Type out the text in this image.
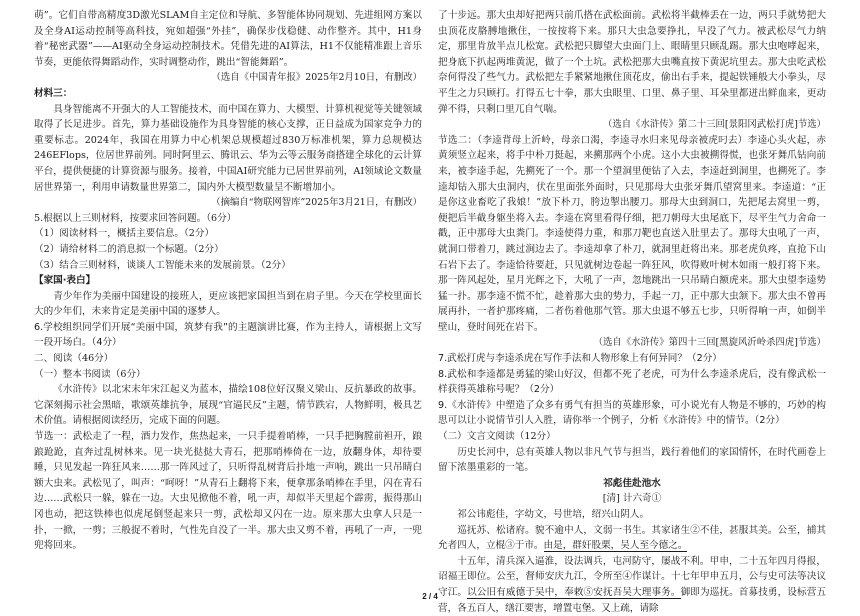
萌”。它们自带高精度3D激光SLAM自主定位和导航、多智能体协同规划、先进组网方案以及全身AI运动控制等高科技，宛如超强“外挂”，确保步伐稳健、动作整齐。其中，H1身着“秘密武器”——AI驱动全身运动控制技术。凭借先进的AI算法，H1不仅能精准跟上音乐节奏，更能依得舞蹈动作，实时调整动作，跳出“智能舞蹈”。

（选自《中国青年报》2025年2月10日，有删改）

材料三：

具身智能离不开强大的人工智能技术，而中国在算力、大模型、计算机视觉等关键领域取得了长足进步。首先，算力基础设施作为具身智能的核心支撑，正日益成为国家竞争力的重要标志。2024年，我国在用算力中心机架总规模超过830万标准机架，算力总规模达246EFlops，位居世界前列。同时阿里云、腾讯云、华为云等云服务商搭建全球化的云计算平台，提供便捷的计算资源与服务。接着，中国AI研究能力已居世界前列，AI领域论文数量居世界第一，利用申请数量世界第二，国内外大模型数量呈不断增加小。

（摘编自“物联网智库”2025年3月21日，有删改）

5.根据以上三则材料，按要求回答问题。（6分）

（1）阅读材料一，概括主要信息。（2分）

（2）请给材料二的消息拟一个标题。（2分）

（3）结合三则材料，谈谈人工智能未来的发展前景。（2分）

【家国·表白】

青少年作为美丽中国建设的接班人，更应该把家国担当到在肩子里。今天在学校里面长大的少年们，未来肯定是美丽中国的逐梦人。

6.学校组织同学们开展“美丽中国，筑梦有我”的主题演讲比赛，作为主持人，请根据上文写一段开场白。（4分）

二、阅读（46分）

（一）整本书阅读（6分）

《水浒传》以北宋末年宋江起义为蓝本，描绘108位好汉聚义梁山、反抗暴政的故事。它深刻揭示社会黑暗，歌颂英雄抗争，展现“官逼民反”主题，情节跌宕，人物鲜明，极具艺术价值。请根据阅读经历，完成下面的问题。

节选一：武松走了一程，酒力发作，焦热起来，一只手提着哨棒，一只手把胸膛前袒开，踉踉跄跄，直奔过乱树林来。见一块光挞挞大青石，把那哨棒倚在一边，放翻身体，却待要睡，只见发起一阵狂风来……那一阵风过了，只听得乱树背后扑地一声响，跳出一只吊睛白额大虫来。武松见了，叫声：“呵呀！”从青石上翻将下来，便拿那条哨棒在手里，闪在青石边……武松只一躲，躲在一边。大虫见掀他不着，吼一声，却似半天里起个霹雳，振得那山冈也动，把这铁棒也似虎尾倒竖起来只一剪，武松却又闪在一边。原来那大虫拿人只是一扑，一掀，一剪；三般捉不着时，气性先自没了一半。那大虫又剪不着，再吼了一声，一兜兜将回来。

了十步远。那大虫却好把两只前爪搭在武松面前。武松将半截棒丢在一边，两只手就势把大虫顶花皮胳膊地揪住，一按按将下来。那只大虫急要挣扎，早没了气力。被武松尽气力纳定，那里肯放半点儿松宽。武松把只脚望大虫面门上、眼睛里只顾乱踢。那大虫咆哮起来，把身底下扒起两堆黄泥，做了一个土坑。武松把那大虫嘴直按下黄泥坑里去。那大虫吃武松奈何得没了些气力。武松把左手紧紧地揪住顶花皮，偷出右手来，提起铁锤般大小拳头，尽平生之力只顾打。打得五七十拳，那大虫眼里、口里、鼻子里、耳朵里都迸出鲜血来，更动弹不得，只剩口里兀自气喘。

（选自《水浒传》第二十三回[景阳冈武松打虎]节选）

节选二：（李逵背母上沂岭，母亲口渴，李逵寻水归来见母亲被虎叼去）李逵心头火起，赤黄须竖立起来，将手中朴刀挺起，来搠那两个小虎。这小大虫被搠得慌，也张牙舞爪钻向前来，被李逵手起，先搠死了一个。那一个望洞里便钻了入去，李逵赶到洞里，也搠死了。李逵却钻入那大虫洞内，伏在里面张外面时，只见那母大虫张牙舞爪望窝里来。李逵道：“正是你这业畜吃了我娘！”放下朴刀，胯边掣出腰刀。那母大虫到洞口，先把尾去窝里一剪，便把后半截身躯坐将入去。李逵在窝里看得仔细，把刀朝母大虫尾底下，尽平生气力舍命一戳，正中那母大虫粪门。李逵使得力重，和那刀靶也直送入肚里去了。那母大虫吼了一声，就洞口带着刀，跳过涧边去了。李逵却拿了朴刀，就洞里赶将出来。那老虎负疼，直抢下山石岩下去了。李逵恰待要赶，只见就树边卷起一阵狂风，吹得败叶树木如雨一般打将下来。那一阵风起处，星月光辉之下，大吼了一声，忽地跳出一只吊睛白额虎来。那大虫望李逵势猛一扑。那李逵不慌不忙，趁着那大虫的势力，手起一刀，正中那大虫颔下。那大虫不曾再展再扑，一者护那疼痛，二者伤着他那气管。那大虫退不够五七步，只听得响一声，如倒半壁山，登时间死在岩下。

（选自《水浒传》第四十三回[黑旋风沂岭杀四虎]节选）

7.武松打虎与李逵杀虎在写作手法和人物形象上有何异同？（2分）

8.武松和李逵都是勇猛的梁山好汉，但都不死了老虎，可为什么李逵杀虎后，没有像武松一样获得英雄称号呢？（2分）

9.《水浒传》中塑造了众多有勇气有担当的英雄形象，可小说光有人物是不够的，巧妙的构思可以让小说情节引人入胜，请你举一个例子，分析《水浒传》中的情节。（2分）

（二）文言文阅读（12分）

历史长河中，总有英雄人物以非凡气节与担当，践行着他们的家国情怀，在时代画卷上留下浓墨重彩的一笔。

祁彪佳赴池水

[清] 计六奇①

祁公讳彪佳，字幼文，号世培，绍兴山阴人。

巡抚苏、松诸府。貌不逾中人，文弱一书生。其家诸生②不佳，甚服其美。公至，捕其允者四人，立棍③于市。由是，群奸股栗，吴人至今德之。

十五年，清兵深入逼淮，设法调兵，屯河防守，屡战不利。甲申，二十五年四月得报，诏福王即位。公至，督师安庆九江，令所至④作谋计。十七年甲申五月，公与史可法等决议守江。以公旧有威德于吴中，奉敕⑤安抚吾吴大理事务。御即为巡抚。首募技勇，设标营五营，各五百人，缮江要害，增置屯堡。又上疏，请除

2 / 4
